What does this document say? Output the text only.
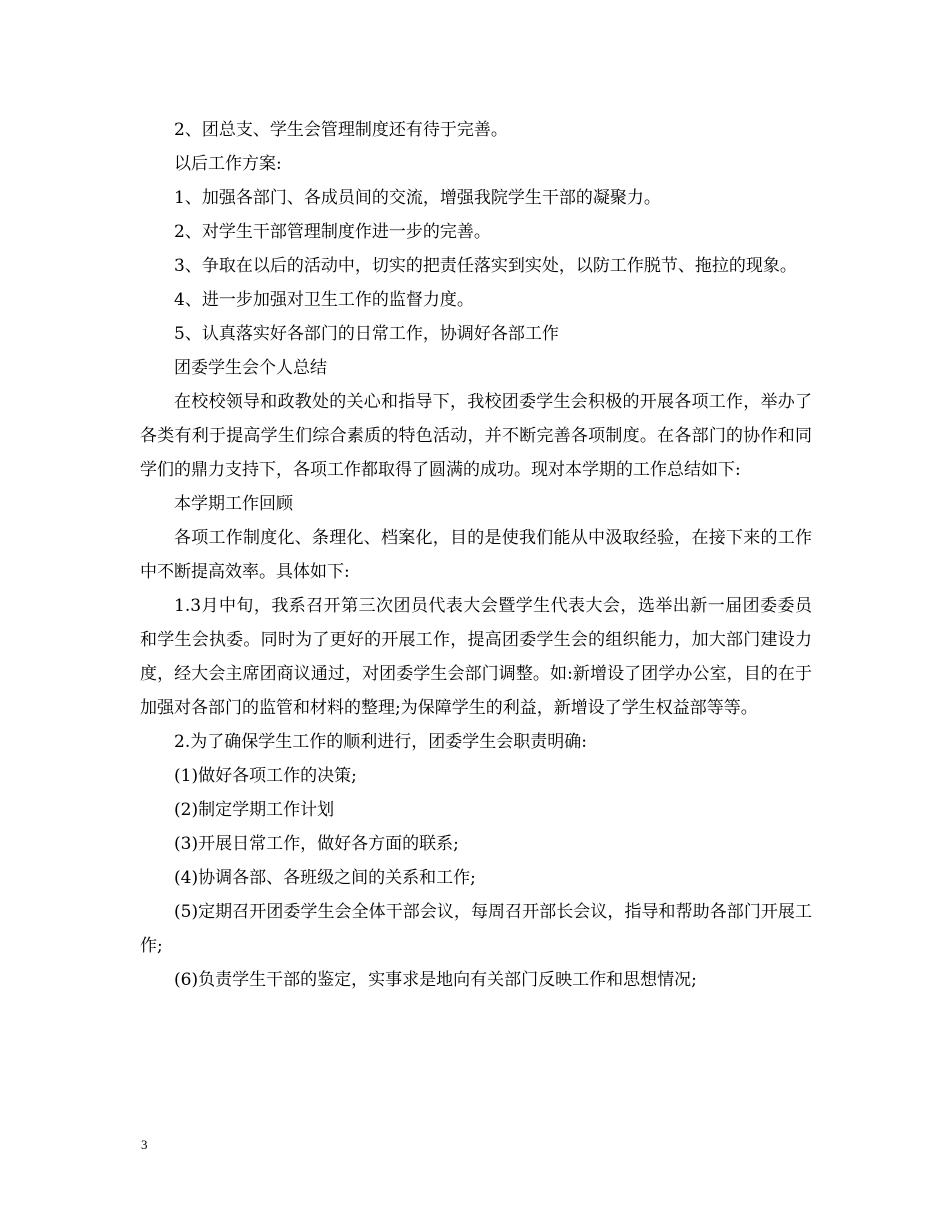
2、团总支、学生会管理制度还有待于完善。

以后工作方案:

1、加强各部门、各成员间的交流，增强我院学生干部的凝聚力。

2、对学生干部管理制度作进一步的完善。

3、争取在以后的活动中，切实的把责任落实到实处，以防工作脱节、拖拉的现象。

4、进一步加强对卫生工作的监督力度。

5、认真落实好各部门的日常工作，协调好各部工作

团委学生会个人总结

在校校领导和政教处的关心和指导下，我校团委学生会积极的开展各项工作，举办了各类有利于提高学生们综合素质的特色活动，并不断完善各项制度。在各部门的协作和同学们的鼎力支持下，各项工作都取得了圆满的成功。现对本学期的工作总结如下:

本学期工作回顾

各项工作制度化、条理化、档案化，目的是使我们能从中汲取经验，在接下来的工作中不断提高效率。具体如下:

1.3月中旬，我系召开第三次团员代表大会暨学生代表大会，选举出新一届团委委员和学生会执委。同时为了更好的开展工作，提高团委学生会的组织能力，加大部门建设力度，经大会主席团商议通过，对团委学生会部门调整。如:新增设了团学办公室，目的在于加强对各部门的监管和材料的整理;为保障学生的利益，新增设了学生权益部等等。

2.为了确保学生工作的顺利进行，团委学生会职责明确:

(1)做好各项工作的决策;

(2)制定学期工作计划

(3)开展日常工作，做好各方面的联系;

(4)协调各部、各班级之间的关系和工作;

(5)定期召开团委学生会全体干部会议，每周召开部长会议，指导和帮助各部门开展工作;

(6)负责学生干部的鉴定，实事求是地向有关部门反映工作和思想情况;

3
